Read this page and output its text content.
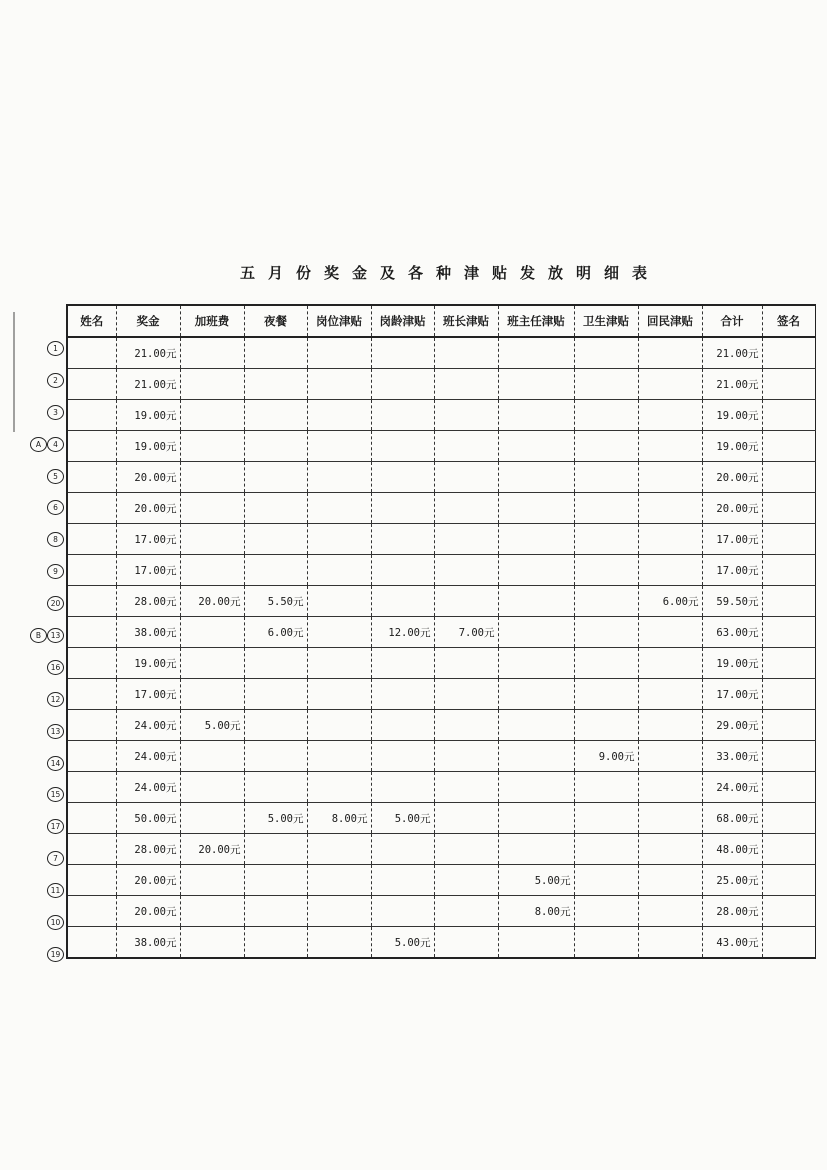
五月份奖金及各种津贴发放明细表
1
2
3
A 4
5
6
8
9
20
B 13
16
12
13
14
15
17
7
11
10
19
姓名	奖金	加班费	夜餐	岗位津贴	岗龄津贴	班长津贴	班主任津贴	卫生津贴	回民津贴	合计	签名
	21.00元									21.00元	
	21.00元									21.00元	
	19.00元									19.00元	
	19.00元									19.00元	
	20.00元									20.00元	
	20.00元									20.00元	
	17.00元									17.00元	
	17.00元									17.00元	
	28.00元	20.00元	5.50元						6.00元	59.50元	
	38.00元		6.00元		12.00元	7.00元				63.00元	
	19.00元									19.00元	
	17.00元									17.00元	
	24.00元	5.00元								29.00元	
	24.00元							9.00元		33.00元	
	24.00元									24.00元	
	50.00元		5.00元	8.00元	5.00元					68.00元	
	28.00元	20.00元								48.00元	
	20.00元						5.00元			25.00元	
	20.00元						8.00元			28.00元	
	38.00元				5.00元					43.00元	
